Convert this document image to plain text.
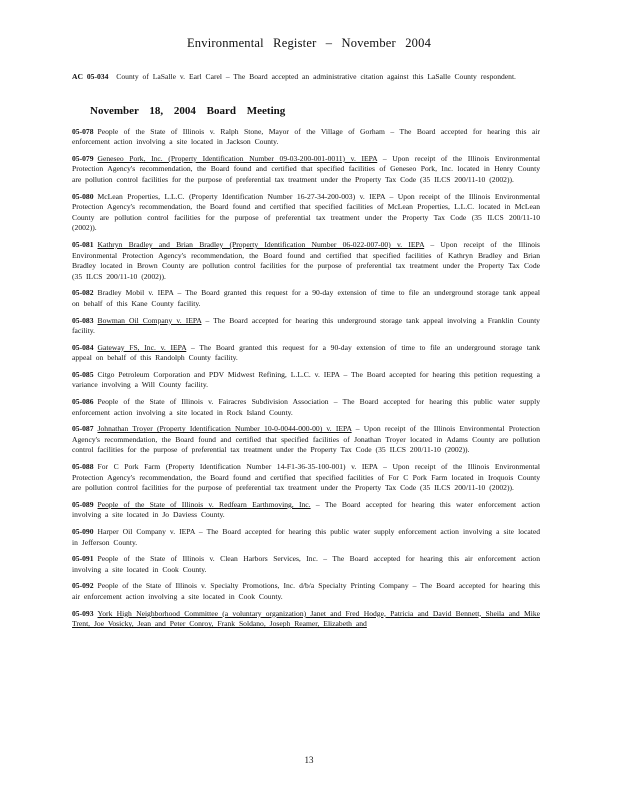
Environmental Register – November 2004

AC 05-034 County of LaSalle v. Earl Carel – The Board accepted an administrative citation against this LaSalle County respondent.

November 18, 2004 Board Meeting

05-078 People of the State of Illinois v. Ralph Stone, Mayor of the Village of Gorham – The Board accepted for hearing this air enforcement action involving a site located in Jackson County.

05-079 Geneseo Pork, Inc. (Property Identification Number 09-03-200-001-0011) v. IEPA – Upon receipt of the Illinois Environmental Protection Agency's recommendation, the Board found and certified that specified facilities of Geneseo Pork, Inc. located in Henry County are pollution control facilities for the purpose of preferential tax treatment under the Property Tax Code (35 ILCS 200/11-10 (2002)).

05-080 McLean Properties, L.L.C. (Property Identification Number 16-27-34-200-003) v. IEPA – Upon receipt of the Illinois Environmental Protection Agency's recommendation, the Board found and certified that specified facilities of McLean Properties, L.L.C. located in McLean County are pollution control facilities for the purpose of preferential tax treatment under the Property Tax Code (35 ILCS 200/11-10 (2002)).

05-081 Kathryn Bradley and Brian Bradley (Property Identification Number 06-022-007-00) v. IEPA – Upon receipt of the Illinois Environmental Protection Agency's recommendation, the Board found and certified that specified facilities of Kathryn Bradley and Brian Bradley located in Brown County are pollution control facilities for the purpose of preferential tax treatment under the Property Tax Code (35 ILCS 200/11-10 (2002)).

05-082 Bradley Mobil v. IEPA – The Board granted this request for a 90-day extension of time to file an underground storage tank appeal on behalf of this Kane County facility.

05-083 Bowman Oil Company v. IEPA – The Board accepted for hearing this underground storage tank appeal involving a Franklin County facility.

05-084 Gateway FS, Inc. v. IEPA – The Board granted this request for a 90-day extension of time to file an underground storage tank appeal on behalf of this Randolph County facility.

05-085 Citgo Petroleum Corporation and PDV Midwest Refining, L.L.C. v. IEPA – The Board accepted for hearing this petition requesting a variance involving a Will County facility.

05-086 People of the State of Illinois v. Fairacres Subdivision Association – The Board accepted for hearing this public water supply enforcement action involving a site located in Rock Island County.

05-087 Johnathan Troyer (Property Identification Number 10-0-0044-000-00) v. IEPA – Upon receipt of the Illinois Environmental Protection Agency's recommendation, the Board found and certified that specified facilities of Jonathan Troyer located in Adams County are pollution control facilities for the purpose of preferential tax treatment under the Property Tax Code (35 ILCS 200/11-10 (2002)).

05-088 For C Pork Farm (Property Identification Number 14-F1-36-35-100-001) v. IEPA – Upon receipt of the Illinois Environmental Protection Agency's recommendation, the Board found and certified that specified facilities of For C Pork Farm located in Iroquois County are pollution control facilities for the purpose of preferential tax treatment under the Property Tax Code (35 ILCS 200/11-10 (2002)).

05-089 People of the State of Illinois v. Redfearn Earthmoving, Inc. – The Board accepted for hearing this water enforcement action involving a site located in Jo Daviess County.

05-090 Harper Oil Company v. IEPA – The Board accepted for hearing this public water supply enforcement action involving a site located in Jefferson County.

05-091 People of the State of Illinois v. Clean Harbors Services, Inc. – The Board accepted for hearing this air enforcement action involving a site located in Cook County.

05-092 People of the State of Illinois v. Specialty Promotions, Inc. d/b/a Specialty Printing Company – The Board accepted for hearing this air enforcement action involving a site located in Cook County.

05-093 York High Neighborhood Committee (a voluntary organization) Janet and Fred Hodge, Patricia and David Bennett, Sheila and Mike Trent, Joe Vosicky, Jean and Peter Conroy, Frank Soldano, Joseph Reamer, Elizabeth and

13
